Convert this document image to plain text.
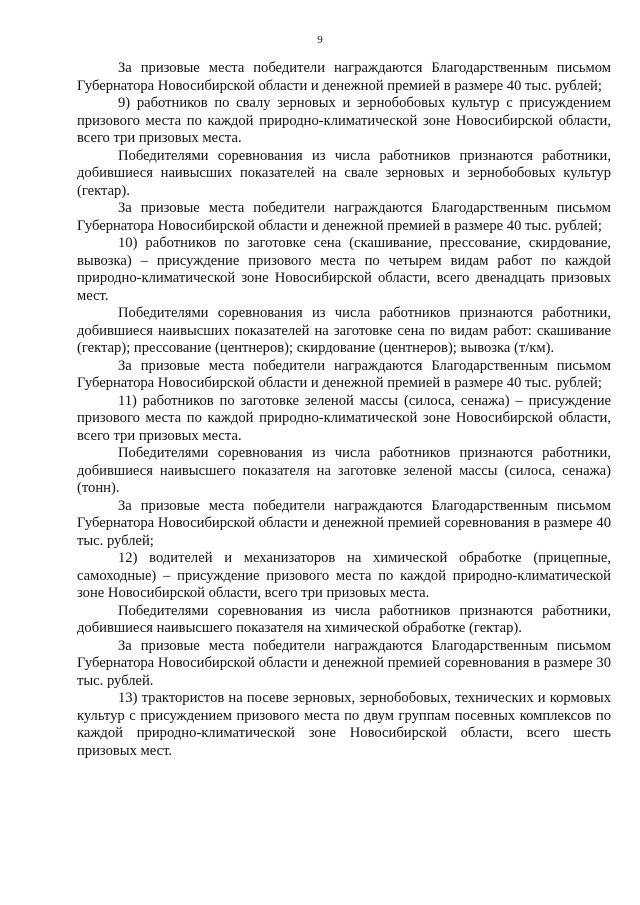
9

За призовые места победители награждаются Благодарственным письмом Губернатора Новосибирской области и денежной премией в размере 40 тыс. рублей;

9) работников по свалу зерновых и зернобобовых культур с присуждением призового места по каждой природно-климатической зоне Новосибирской области, всего три призовых места.

Победителями соревнования из числа работников признаются работники, добившиеся наивысших показателей на свале зерновых и зернобобовых культур (гектар).

За призовые места победители награждаются Благодарственным письмом Губернатора Новосибирской области и денежной премией в размере 40 тыс. рублей;

10) работников по заготовке сена (скашивание, прессование, скирдование, вывозка) – присуждение призового места по четырем видам работ по каждой природно-климатической зоне Новосибирской области, всего двенадцать призовых мест.

Победителями соревнования из числа работников признаются работники, добившиеся наивысших показателей на заготовке сена по видам работ: скашивание (гектар); прессование (центнеров); скирдование (центнеров); вывозка (т/км).

За призовые места победители награждаются Благодарственным письмом Губернатора Новосибирской области и денежной премией в размере 40 тыс. рублей;

11) работников по заготовке зеленой массы (силоса, сенажа) – присуждение призового места по каждой природно-климатической зоне Новосибирской области, всего три призовых места.

Победителями соревнования из числа работников признаются работники, добившиеся наивысшего показателя на заготовке зеленой массы (силоса, сенажа) (тонн).

За призовые места победители награждаются Благодарственным письмом Губернатора Новосибирской области и денежной премией соревнования в размере 40 тыс. рублей;

12) водителей и механизаторов на химической обработке (прицепные, самоходные) – присуждение призового места по каждой природно-климатической зоне Новосибирской области, всего три призовых места.

Победителями соревнования из числа работников признаются работники, добившиеся наивысшего показателя на химической обработке (гектар).

За призовые места победители награждаются Благодарственным письмом Губернатора Новосибирской области и денежной премией соревнования в размере 30 тыс. рублей.

13) трактористов на посеве зерновых, зернобобовых, технических и кормовых культур с присуждением призового места по двум группам посевных комплексов по каждой природно-климатической зоне Новосибирской области, всего шесть призовых мест.
